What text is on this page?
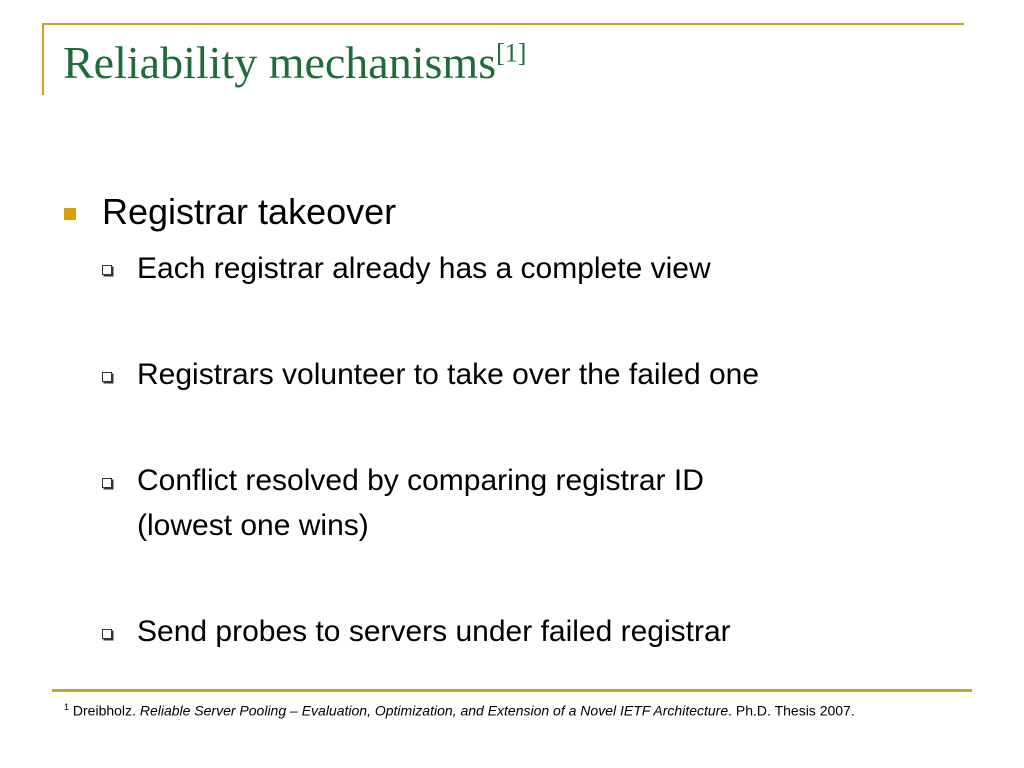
Reliability mechanisms[1]
Registrar takeover
Each registrar already has a complete view
Registrars volunteer to take over the failed one
Conflict resolved by comparing registrar ID
(lowest one wins)
Send probes to servers under failed registrar
$^1$ Dreibholz. Reliable Server Pooling – Evaluation, Optimization, and Extension of a Novel IETF Architecture. Ph.D. Thesis 2007.
